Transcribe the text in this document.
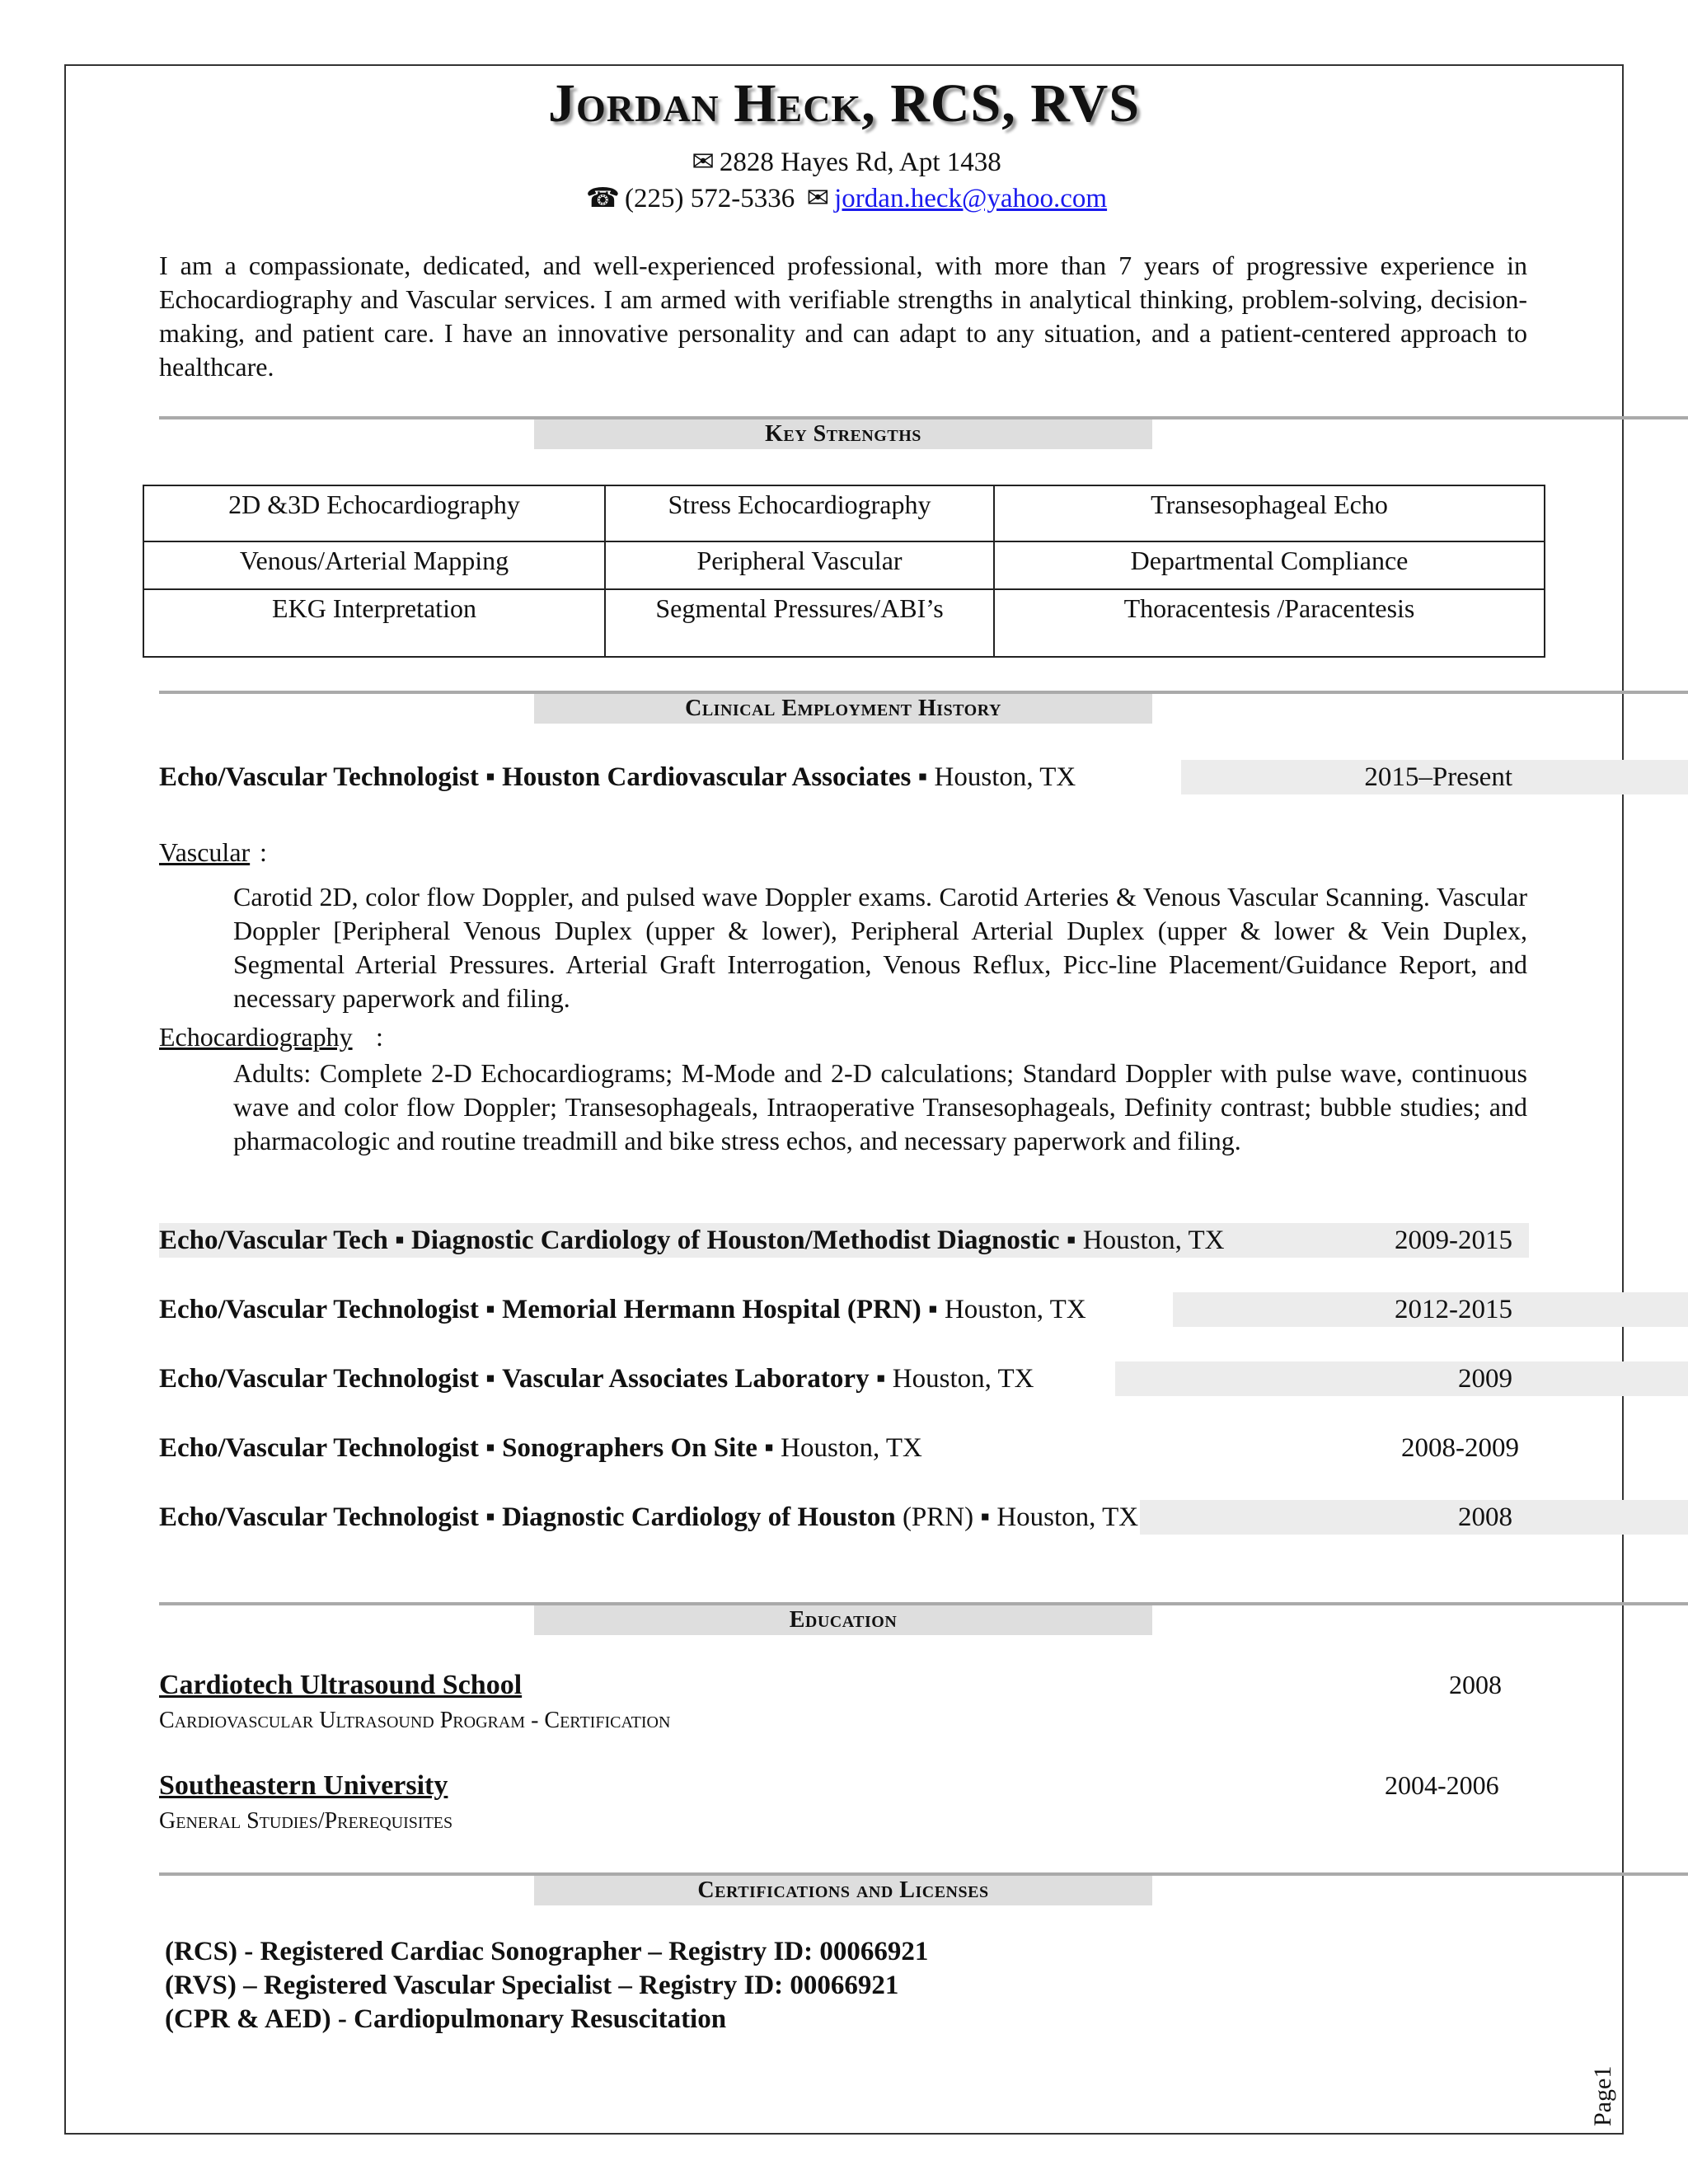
Jordan Heck, RCS, RVS
✉ 2828 Hayes Rd, Apt 1438
☎ (225) 572-5336 ✉ jordan.heck@yahoo.com
I am a compassionate, dedicated, and well-experienced professional, with more than 7 years of progressive experience in Echocardiography and Vascular services. I am armed with verifiable strengths in analytical thinking, problem-solving, decision-making, and patient care. I have an innovative personality and can adapt to any situation, and a patient-centered approach to healthcare.
Key Strengths
2D &3D Echocardiography	Stress Echocardiography	Transesophageal Echo
Venous/Arterial Mapping	Peripheral Vascular	Departmental Compliance
EKG Interpretation	Segmental Pressures/ABI’s	Thoracentesis /Paracentesis
Clinical Employment History
Echo/Vascular Technologist ▪ Houston Cardiovascular Associates ▪ Houston, TX	2015–Present
Vascular :
Carotid 2D, color flow Doppler, and pulsed wave Doppler exams. Carotid Arteries & Venous Vascular Scanning. Vascular Doppler [Peripheral Venous Duplex (upper & lower), Peripheral Arterial Duplex (upper & lower & Vein Duplex, Segmental Arterial Pressures. Arterial Graft Interrogation, Venous Reflux, Picc-line Placement/Guidance Report, and necessary paperwork and filing.
Echocardiography :
Adults: Complete 2-D Echocardiograms; M-Mode and 2-D calculations; Standard Doppler with pulse wave, continuous wave and color flow Doppler; Transesophageals, Intraoperative Transesophageals, Definity contrast; bubble studies; and pharmacologic and routine treadmill and bike stress echos, and necessary paperwork and filing.
Echo/Vascular Tech ▪ Diagnostic Cardiology of Houston/Methodist Diagnostic ▪ Houston, TX	2009-2015
Echo/Vascular Technologist ▪ Memorial Hermann Hospital (PRN) ▪ Houston, TX	2012-2015
Echo/Vascular Technologist ▪ Vascular Associates Laboratory ▪ Houston, TX	2009
Echo/Vascular Technologist ▪ Sonographers On Site ▪ Houston, TX	2008-2009
Echo/Vascular Technologist ▪ Diagnostic Cardiology of Houston (PRN) ▪ Houston, TX	2008
Education
Cardiotech Ultrasound School	2008
Cardiovascular Ultrasound Program - Certification
Southeastern University	2004-2006
General Studies/Prerequisites
Certifications and Licenses
(RCS) - Registered Cardiac Sonographer – Registry ID: 00066921
(RVS) – Registered Vascular Specialist – Registry ID: 00066921
(CPR & AED) - Cardiopulmonary Resuscitation
Page1
